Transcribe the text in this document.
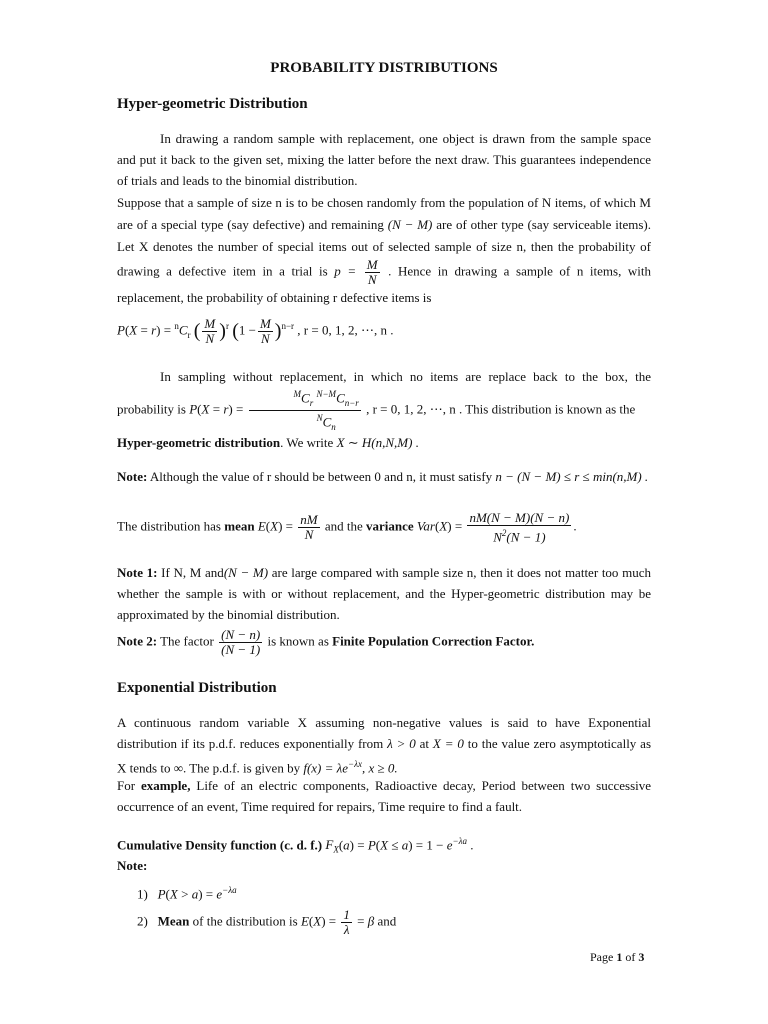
PROBABILITY DISTRIBUTIONS
Hyper-geometric Distribution
In drawing a random sample with replacement, one object is drawn from the sample space and put it back to the given set, mixing the latter before the next draw. This guarantees independence of trials and leads to the binomial distribution.
Suppose that a sample of size n is to be chosen randomly from the population of N items, of which M are of a special type (say defective) and remaining (N − M) are of other type (say serviceable items). Let X denotes the number of special items out of selected sample of size n, then the probability of drawing a defective item in a trial is $p = \frac{M}{N}$ . Hence in drawing a sample of n items, with replacement, the probability of obtaining r defective items is
$P(X = r) = ^nC_r$ ( $\frac{M}{N} )^r$ $(1 - \frac{M}{N} )^{n-r}$ , r = 0, 1, 2, ⋯, n .
In sampling without replacement, in which no items are replace back to the box, the probability is $P(X = r) = \frac{^MC_r ^{N-M}C_{n-r}}{^NC_n}$ , r = 0, 1, 2, ⋯, n . This distribution is known as the
Hyper-geometric distribution. We write X ∼ H(n,N,M) .
Note: Although the value of r should be between 0 and n, it must satisfy n − (N − M) ≤ r ≤ min(n,M) .
The distribution has mean $E(X) = \frac{nM}{N}$ and the variance $Var(X) = \frac{nM(N - M)(N - n)}{N^2(N - 1)}$ .
Note 1: If N, M and(N − M) are large compared with sample size n, then it does not matter too much whether the sample is with or without replacement, and the Hyper-geometric distribution may be approximated by the binomial distribution.
Note 2: The factor $\frac{(N - n)}{(N - 1)}$ is known as Finite Population Correction Factor.
Exponential Distribution
A continuous random variable X assuming non-negative values is said to have Exponential distribution if its p.d.f. reduces exponentially from λ > 0 at X = 0 to the value zero asymptotically as X tends to ∞. The p.d.f. is given by $f(x) = \lambda e^{-\lambda x}$, x ≥ 0.
For example, Life of an electric components, Radioactive decay, Period between two successive occurrence of an event, Time required for repairs, Time require to find a fault.
Cumulative Density function (c. d. f.) $F_X(a) = P(X \le a) = 1 - e^{-\lambda a}$ .
Note:
1) $P(X > a) = e^{-\lambda a}$
2) Mean of the distribution is $E(X) = \frac{1}{\lambda} = \beta$ and
Page 1 of 3
